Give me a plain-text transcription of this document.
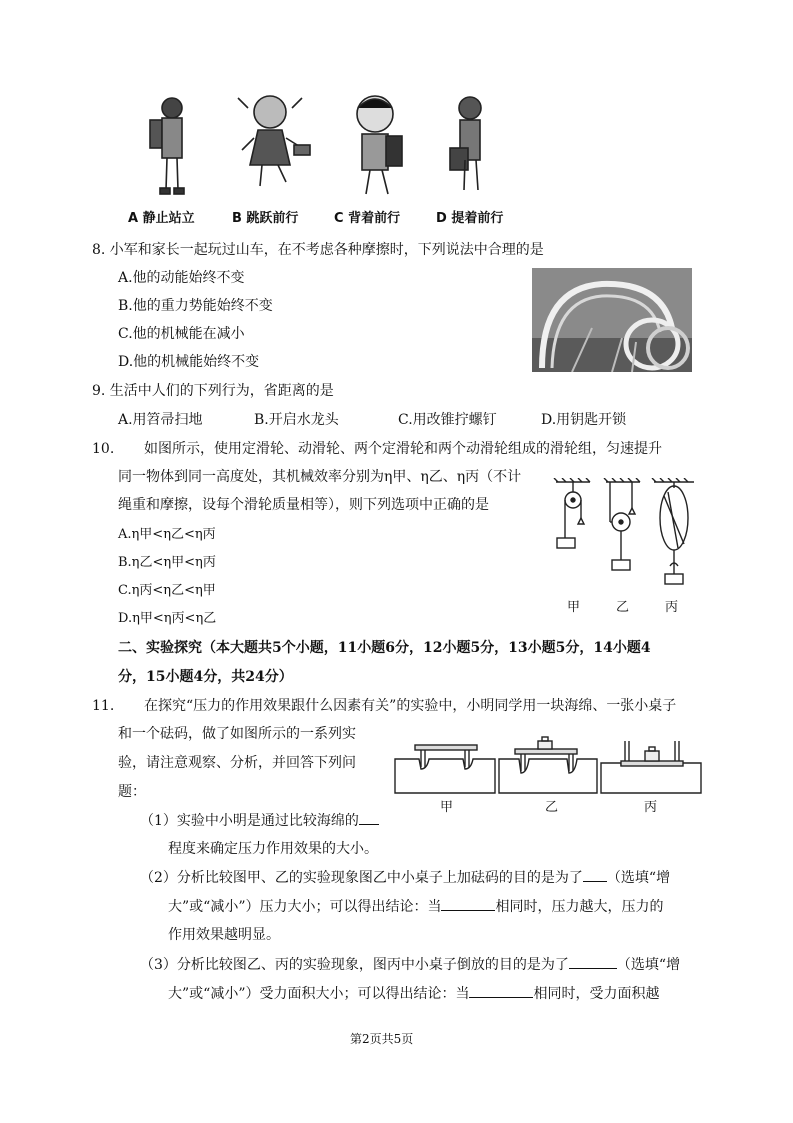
A 静止站立	B 跳跃前行	C 背着前行	D 提着前行
8. 小军和家长一起玩过山车，在不考虑各种摩擦时，下列说法中合理的是
A.他的动能始终不变
B.他的重力势能始终不变
C.他的机械能在减小
D.他的机械能始终不变
9. 生活中人们的下列行为，省距离的是
A.用笤帚扫地	B.开启水龙头	C.用改锥拧螺钉	D.用钥匙开锁
10. 如图所示，使用定滑轮、动滑轮、两个定滑轮和两个动滑轮组成的滑轮组，匀速提升
同一物体到同一高度处，其机械效率分别为η甲、η乙、η丙（不计
绳重和摩擦，设每个滑轮质量相等），则下列选项中正确的是
A.η甲<η乙<η丙
B.η乙<η甲<η丙
C.η丙<η乙<η甲
D.η甲<η丙<η乙
甲	乙	丙
二、实验探究（本大题共5个小题，11小题6分，12小题5分，13小题5分，14小题4
分，15小题4分，共24分）
11. 在探究“压力的作用效果跟什么因素有关”的实验中，小明同学用一块海绵、一张小桌子
和一个砝码，做了如图所示的一系列实
验，请注意观察、分析，并回答下列问
题：
甲	乙	丙
（1）实验中小明是通过比较海绵的
程度来确定压力作用效果的大小。
（2）分析比较图甲、乙的实验现象图乙中小桌子上加砝码的目的是为了 （选填“增
大”或“减小”）压力大小；可以得出结论：当	相同时，压力越大，压力的
作用效果越明显。
（3）分析比较图乙、丙的实验现象，图丙中小桌子倒放的目的是为了	（选填“增
大”或“减小”）受力面积大小；可以得出结论：当	相同时，受力面积越
第2页共5页
